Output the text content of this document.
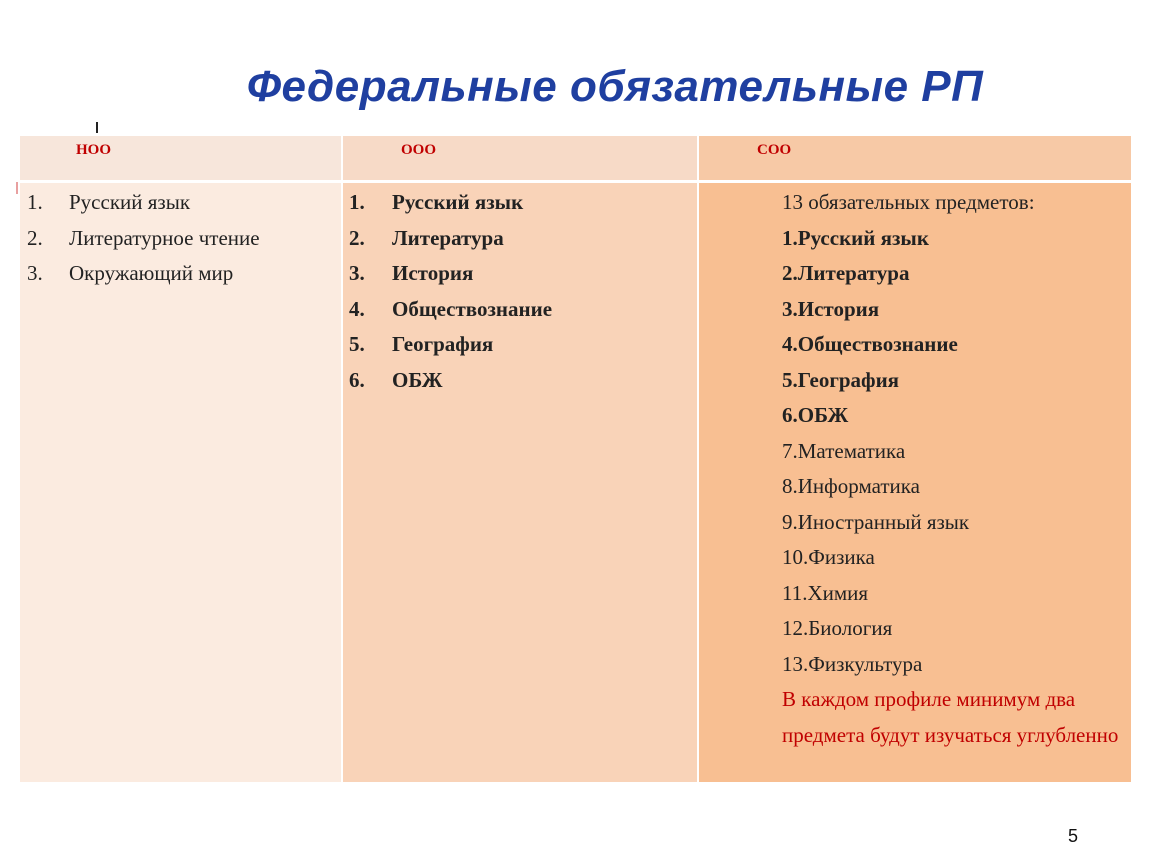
Федеральные обязательные РП
НОО	ООО	СОО
1. Русский язык
2. Литературное чтение
3. Окружающий мир
1. Русский язык
2. Литература
3. История
4. Обществознание
5. География
6. ОБЖ
13 обязательных предметов:
1.Русский язык
2.Литература
3.История
4.Обществознание
5.География
6.ОБЖ
7.Математика
8.Информатика
9.Иностранный язык
10.Физика
11.Химия
12.Биология
13.Физкультура
В каждом профиле минимум два предмета будут изучаться углубленно
5
